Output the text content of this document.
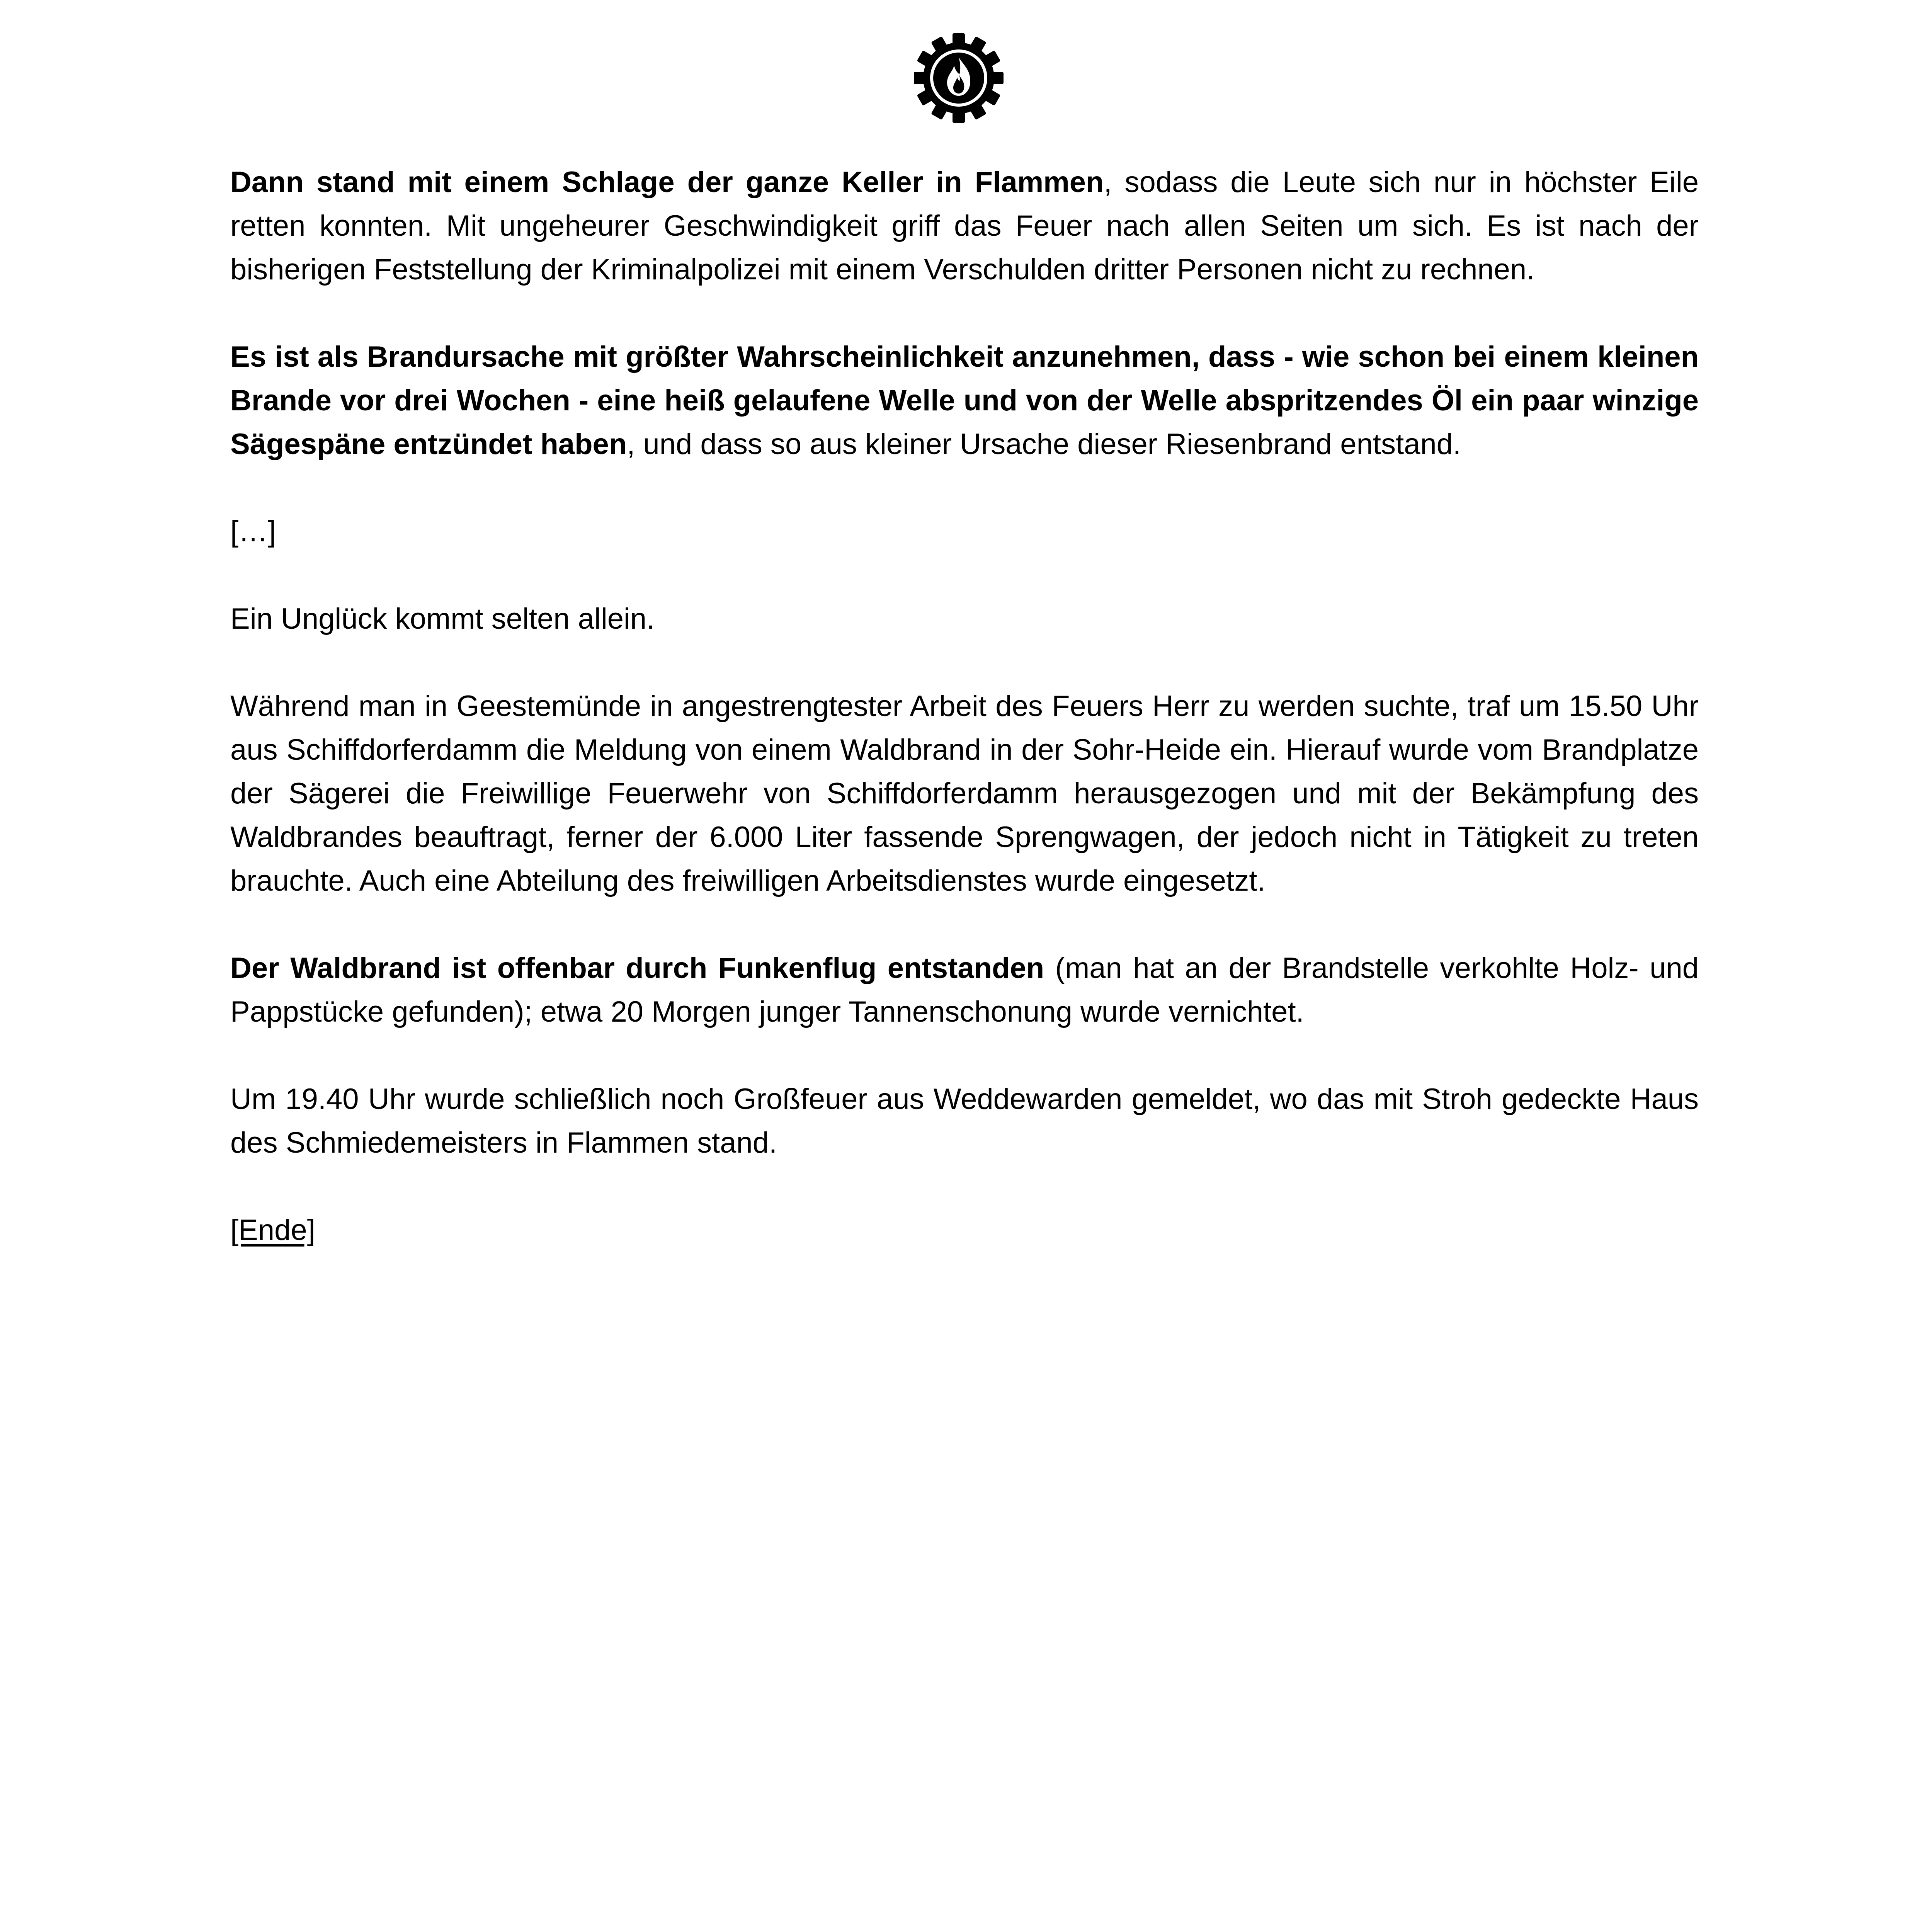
Dann stand mit einem Schlage der ganze Keller in Flammen, sodass die Leute sich nur in höchster Eile retten konnten. Mit ungeheurer Geschwindigkeit griff das Feuer nach allen Seiten um sich. Es ist nach der bisherigen Feststellung der Kriminalpolizei mit einem Verschulden dritter Personen nicht zu rechnen.

Es ist als Brandursache mit größter Wahrscheinlichkeit anzunehmen, dass - wie schon bei einem kleinen Brande vor drei Wochen - eine heiß gelaufene Welle und von der Welle abspritzendes Öl ein paar winzige Sägespäne entzündet haben, und dass so aus kleiner Ursache dieser Riesenbrand entstand.

[…]

Ein Unglück kommt selten allein.

Während man in Geestemünde in angestrengtester Arbeit des Feuers Herr zu werden suchte, traf um 15.50 Uhr aus Schiffdorferdamm die Meldung von einem Waldbrand in der Sohr-Heide ein. Hierauf wurde vom Brandplatze der Sägerei die Freiwillige Feuerwehr von Schiffdorferdamm herausgezogen und mit der Bekämpfung des Waldbrandes beauftragt, ferner der 6.000 Liter fassende Sprengwagen, der jedoch nicht in Tätigkeit zu treten brauchte. Auch eine Abteilung des freiwilligen Arbeitsdienstes wurde eingesetzt.

Der Waldbrand ist offenbar durch Funkenflug entstanden (man hat an der Brandstelle verkohlte Holz- und Pappstücke gefunden); etwa 20 Morgen junger Tannenschonung wurde vernichtet.

Um 19.40 Uhr wurde schließlich noch Großfeuer aus Weddewarden gemeldet, wo das mit Stroh gedeckte Haus des Schmiedemeisters in Flammen stand.

[Ende]
